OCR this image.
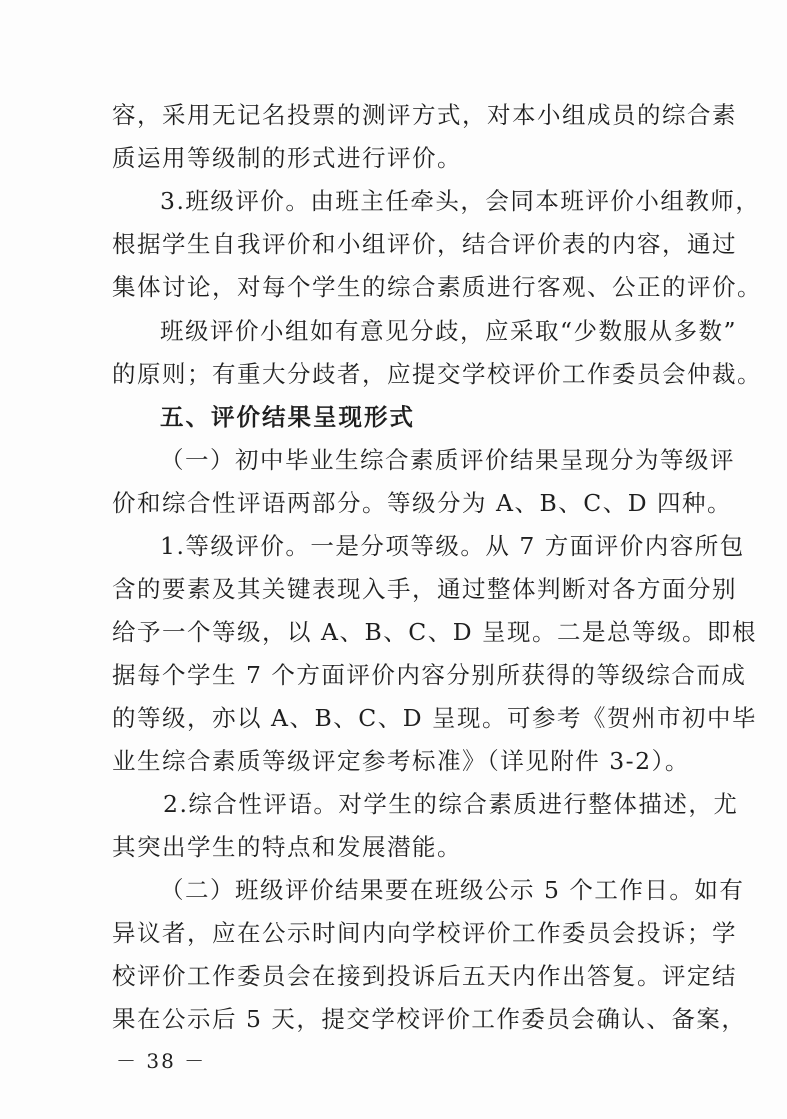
容，采用无记名投票的测评方式，对本小组成员的综合素
质运用等级制的形式进行评价。
3.班级评价。由班主任牵头，会同本班评价小组教师，
根据学生自我评价和小组评价，结合评价表的内容，通过
集体讨论，对每个学生的综合素质进行客观、公正的评价。
班级评价小组如有意见分歧，应采取“少数服从多数”
的原则；有重大分歧者，应提交学校评价工作委员会仲裁。
五、评价结果呈现形式
（一）初中毕业生综合素质评价结果呈现分为等级评
价和综合性评语两部分。等级分为 A、B、C、D 四种。
1.等级评价。一是分项等级。从 7 方面评价内容所包
含的要素及其关键表现入手，通过整体判断对各方面分别
给予一个等级，以 A、B、C、D 呈现。二是总等级。即根
据每个学生 7 个方面评价内容分别所获得的等级综合而成
的等级，亦以 A、B、C、D 呈现。可参考《贺州市初中毕
业生综合素质等级评定参考标准》（详见附件 3-2）。
2.综合性评语。对学生的综合素质进行整体描述，尤
其突出学生的特点和发展潜能。
（二）班级评价结果要在班级公示 5 个工作日。如有
异议者，应在公示时间内向学校评价工作委员会投诉；学
校评价工作委员会在接到投诉后五天内作出答复。评定结
果在公示后 5 天，提交学校评价工作委员会确认、备案，
－ 38 －
